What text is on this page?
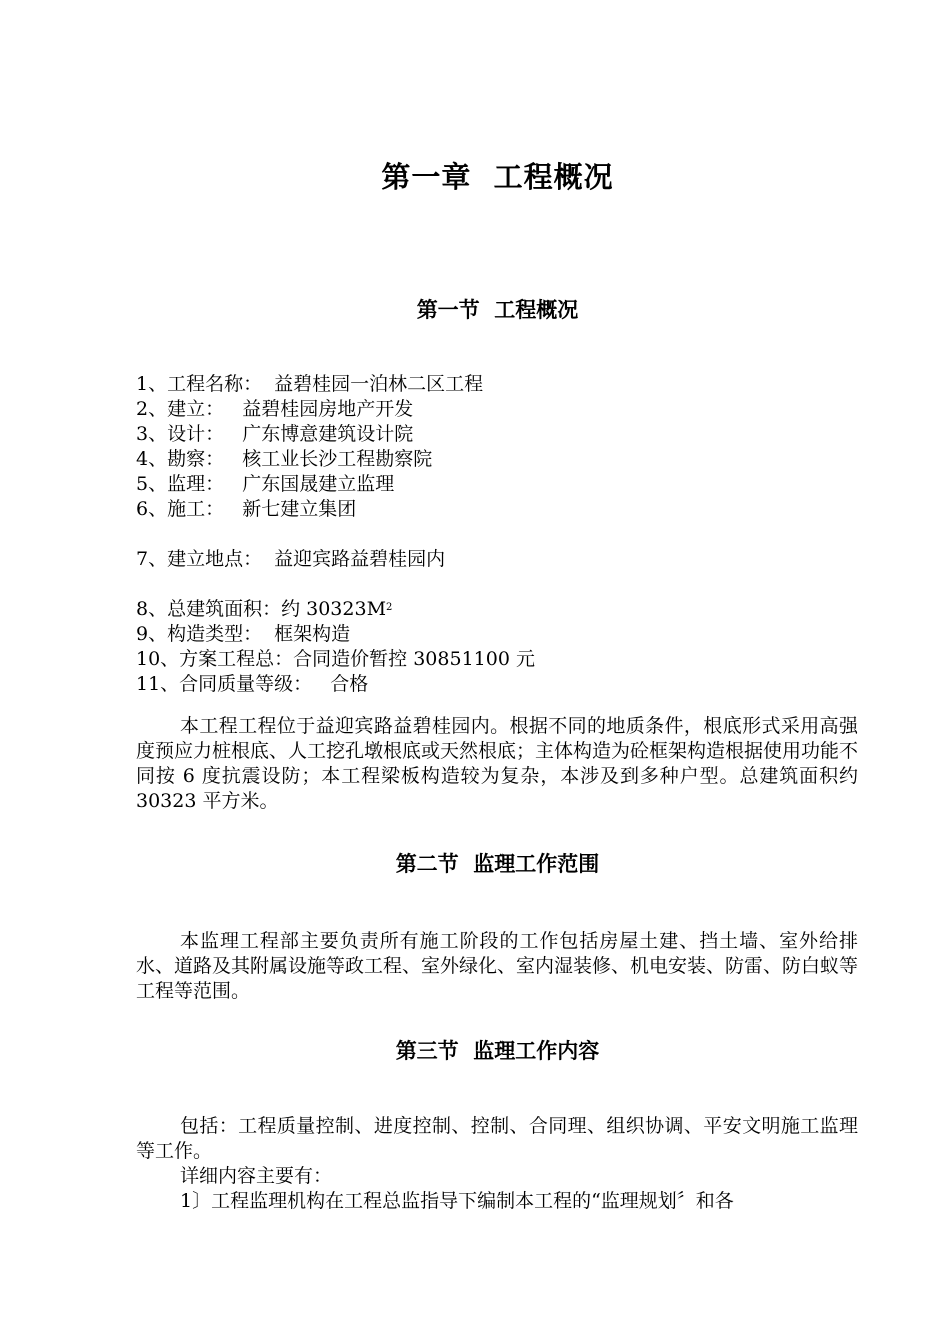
第一章  工程概况
第一节  工程概况
1、工程名称：  益碧桂园一泊林二区工程
2、建立：   益碧桂园房地产开发
3、设计：   广东博意建筑设计院
4、勘察：   核工业长沙工程勘察院
5、监理：   广东国晟建立监理
6、施工：   新七建立集团
7、建立地点：  益迎宾路益碧桂园内
8、总建筑面积：约 $30323M^2$
9、构造类型：  框架构造
10、方案工程总：合同造价暂控 30851100 元
11、合同质量等级：   合格

本工程工程位于益迎宾路益碧桂园内。根据不同的地质条件，根底形式采用高强度预应力桩根底、人工挖孔墩根底或天然根底；主体构造为砼框架构造根据使用功能不同按 6 度抗震设防；本工程梁板构造较为复杂，本涉及到多种户型。总建筑面积约 30323 平方米。

第二节  监理工作范围

本监理工程部主要负责所有施工阶段的工作包括房屋土建、挡土墙、室外给排水、道路及其附属设施等政工程、室外绿化、室内湿装修、机电安装、防雷、防白蚁等工程等范围。

第三节  监理工作内容

包括：工程质量控制、进度控制、控制、合同理、组织协调、平安文明施工监理等工作。

详细内容主要有：

1〕工程监理机构在工程总监指导下编制本工程的“监理规划〞和各
